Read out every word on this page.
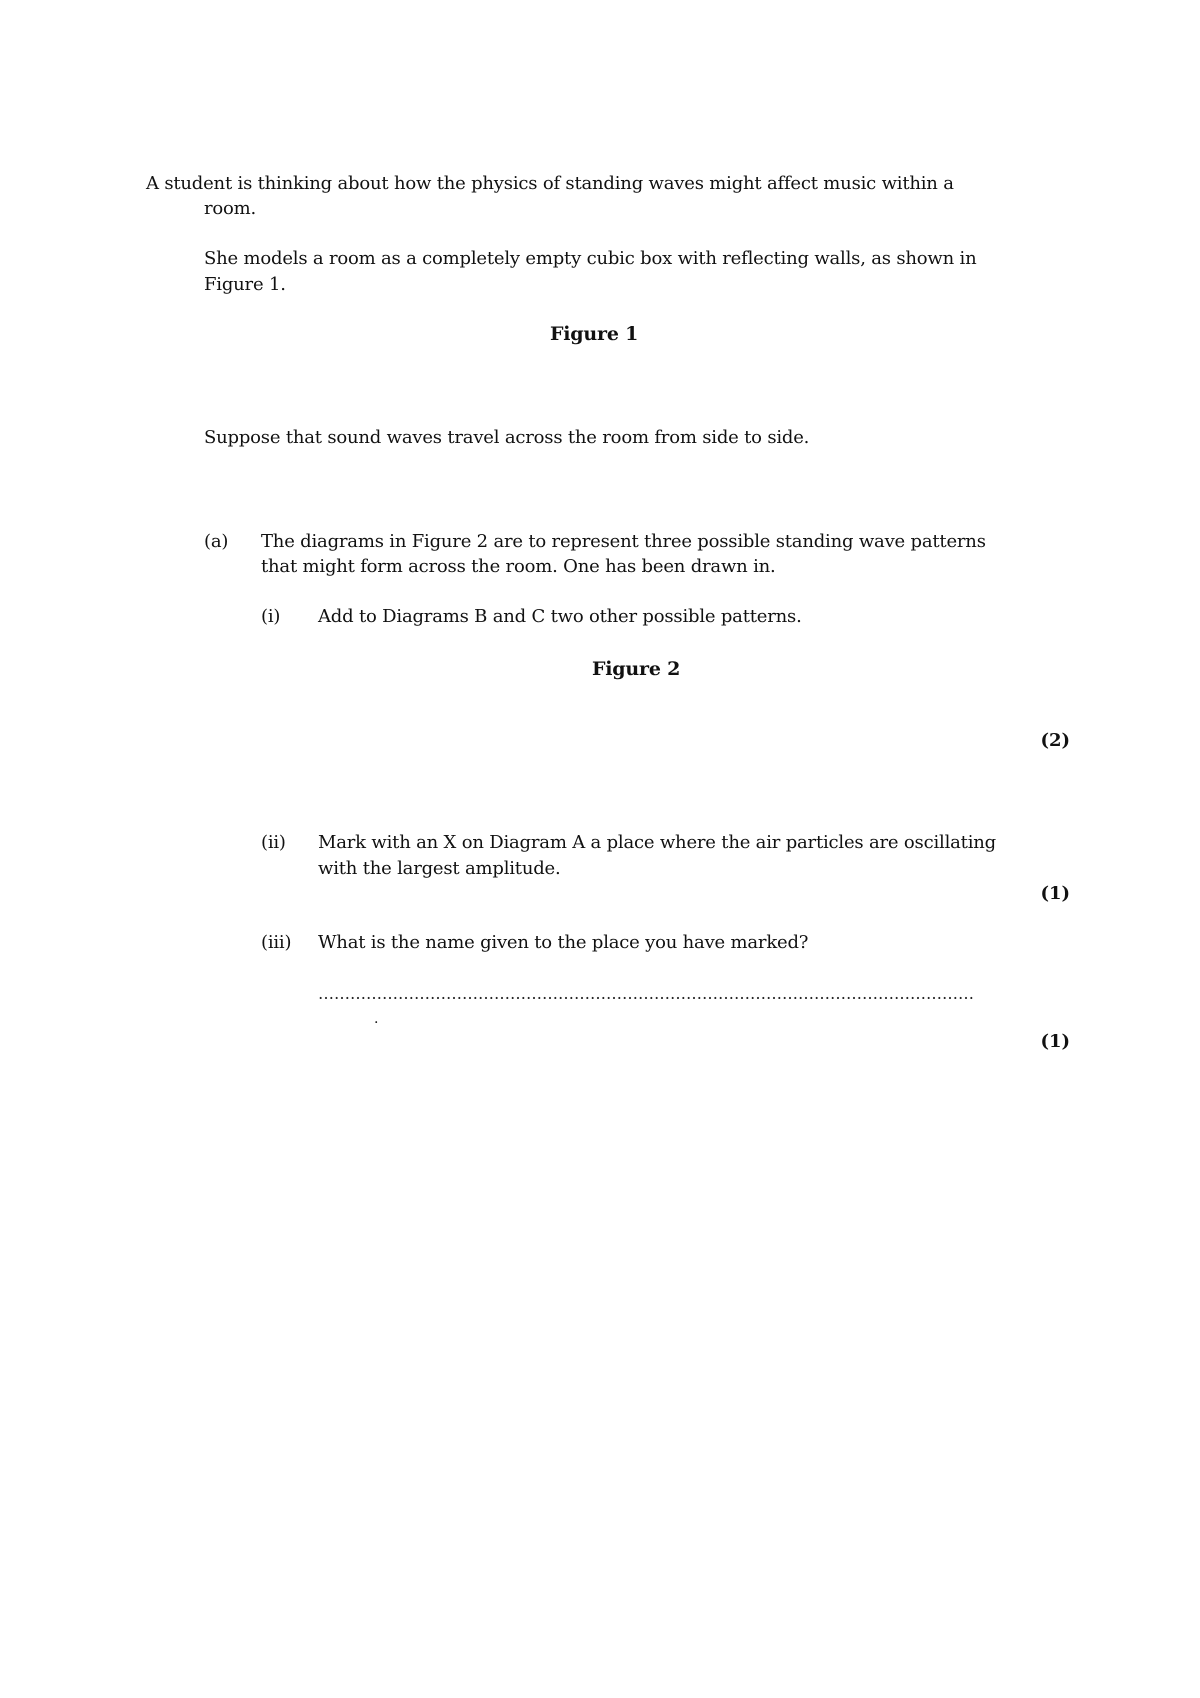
A student is thinking about how the physics of standing waves might affect music within a
room.
She models a room as a completely empty cubic box with reflecting walls, as shown in
Figure 1.
Figure 1
Suppose that sound waves travel across the room from side to side.
(a) The diagrams in Figure 2 are to represent three possible standing wave patterns
that might form across the room. One has been drawn in.
(i) Add to Diagrams B and C two other possible patterns.
Figure 2
(2)
(ii) Mark with an X on Diagram A a place where the air particles are oscillating
with the largest amplitude.
(1)
(iii) What is the name given to the place you have marked?
……………………………………………………………………………………………………………
.
(1)
